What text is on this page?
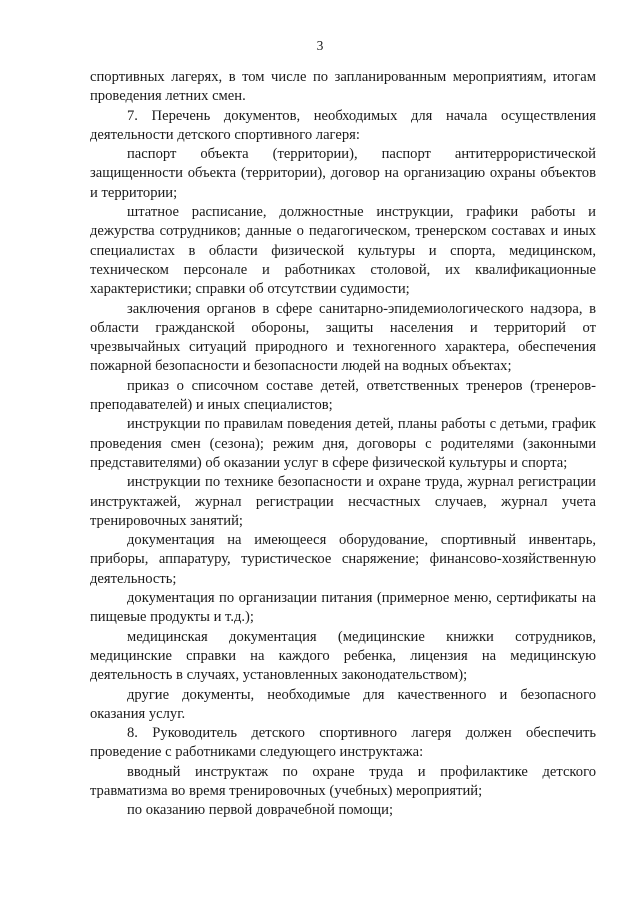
3

спортивных лагерях, в том числе по запланированным мероприятиям, итогам проведения летних смен.

7. Перечень документов, необходимых для начала осуществления деятельности детского спортивного лагеря:

паспорт объекта (территории), паспорт антитеррористической защищенности объекта (территории), договор на организацию охраны объектов и территории;

штатное расписание, должностные инструкции, графики работы и дежурства сотрудников; данные о педагогическом, тренерском составах и иных специалистах в области физической культуры и спорта, медицинском, техническом персонале и работниках столовой, их квалификационные характеристики; справки об отсутствии судимости;

заключения органов в сфере санитарно-эпидемиологического надзора, в области гражданской обороны, защиты населения и территорий от чрезвычайных ситуаций природного и техногенного характера, обеспечения пожарной безопасности и безопасности людей на водных объектах;

приказ о списочном составе детей, ответственных тренеров (тренеров-преподавателей) и иных специалистов;

инструкции по правилам поведения детей, планы работы с детьми, график проведения смен (сезона); режим дня, договоры с родителями (законными представителями) об оказании услуг в сфере физической культуры и спорта;

инструкции по технике безопасности и охране труда, журнал регистрации инструктажей, журнал регистрации несчастных случаев, журнал учета тренировочных занятий;

документация на имеющееся оборудование, спортивный инвентарь, приборы, аппаратуру, туристическое снаряжение; финансово-хозяйственную деятельность;

документация по организации питания (примерное меню, сертификаты на пищевые продукты и т.д.);

медицинская документация (медицинские книжки сотрудников, медицинские справки на каждого ребенка, лицензия на медицинскую деятельность в случаях, установленных законодательством);

другие документы, необходимые для качественного и безопасного оказания услуг.

8. Руководитель детского спортивного лагеря должен обеспечить проведение с работниками следующего инструктажа:

вводный инструктаж по охране труда и профилактике детского травматизма во время тренировочных (учебных) мероприятий;

по оказанию первой доврачебной помощи;
